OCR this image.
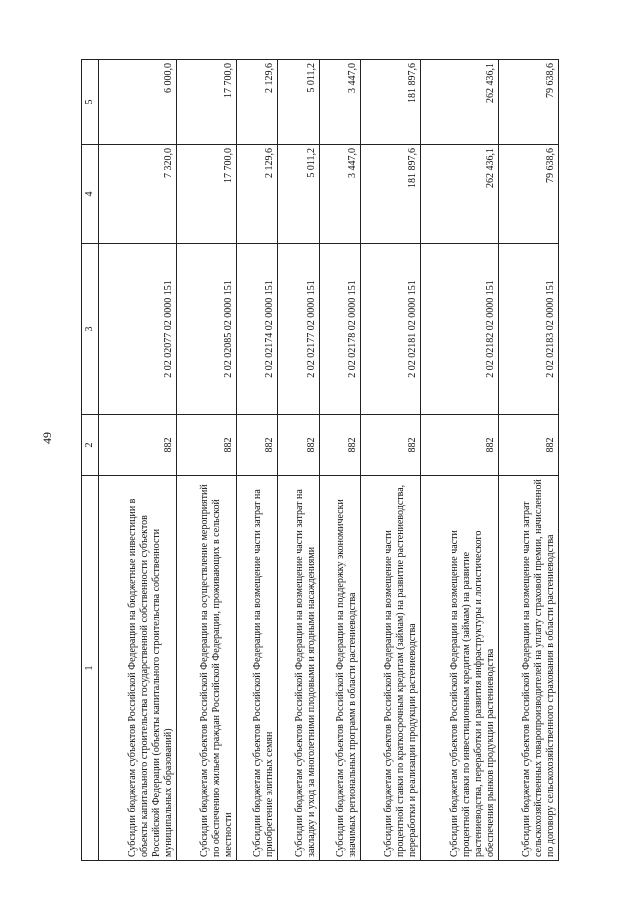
49
1	2	3	4	5
Субсидии бюджетам субъектов Российской Федерации на бюджетные инвестиции в объекты капитального строительства государственной собственности субъектов Российской Федерации (объекты капитального строительства собственности муниципальных образований)	882	2 02 02077 02 0000 151	7 320,0	6 000,0
Субсидии бюджетам субъектов Российской Федерации на осуществление мероприятий по обеспечению жильем граждан Российской Федерации, проживающих в сельской местности	882	2 02 02085 02 0000 151	17 700,0	17 700,0
Субсидии бюджетам субъектов Российской Федерации на возмещение части затрат на приобретение элитных семян	882	2 02 02174 02 0000 151	2 129,6	2 129,6
Субсидии бюджетам субъектов Российской Федерации на возмещение части затрат на закладку и уход за многолетними плодовыми и ягодными насаждениями	882	2 02 02177 02 0000 151	5 011,2	5 011,2
Субсидии бюджетам субъектов Российской Федерации на поддержку экономически значимых региональных программ в области растениеводства	882	2 02 02178 02 0000 151	3 447,0	3 447,0
Субсидии бюджетам субъектов Российской Федерации на возмещение части процентной ставки по краткосрочным кредитам (займам) на развитие растениеводства, переработки и реализации продукции растениеводства	882	2 02 02181 02 0000 151	181 897,6	181 897,6
Субсидии бюджетам субъектов Российской Федерации на возмещение части процентной ставки по инвестиционным кредитам (займам) на развитие растениеводства, переработки и развития инфраструктуры и логистического обеспечения рынков продукции растениеводства	882	2 02 02182 02 0000 151	262 436,1	262 436,1
Субсидии бюджетам субъектов Российской Федерации на возмещение части затрат сельскохозяйственных товаропроизводителей на уплату страховой премии, начисленной по договору сельскохозяйственного страхования в области растениеводства	882	2 02 02183 02 0000 151	79 638,6	79 638,6
